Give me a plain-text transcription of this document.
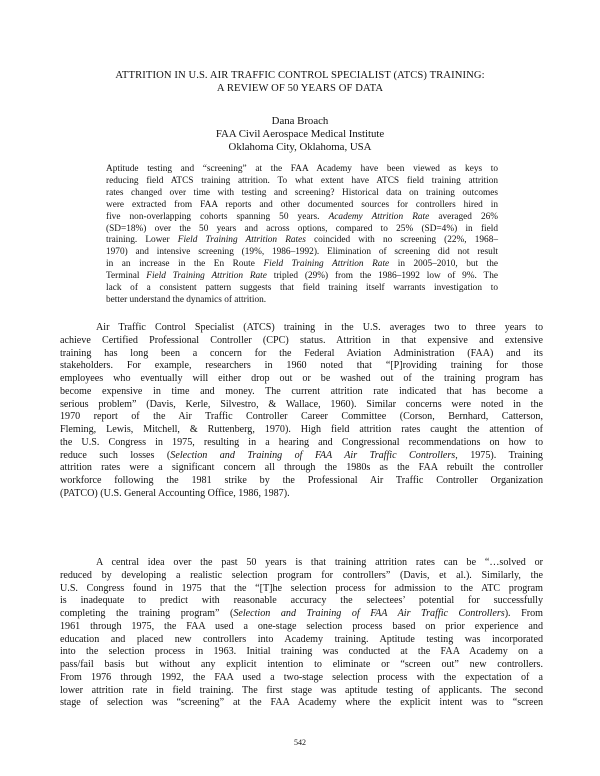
ATTRITION IN U.S. AIR TRAFFIC CONTROL SPECIALIST (ATCS) TRAINING:
A REVIEW OF 50 YEARS OF DATA
Dana Broach
FAA Civil Aerospace Medical Institute
Oklahoma City, Oklahoma, USA
Aptitude testing and “screening” at the FAA Academy have been viewed as keys to
reducing field ATCS training attrition. To what extent have ATCS field training attrition
rates changed over time with testing and screening? Historical data on training outcomes
were extracted from FAA reports and other documented sources for controllers hired in
five non-overlapping cohorts spanning 50 years. Academy Attrition Rate averaged 26%
(SD=18%) over the 50 years and across options, compared to 25% (SD=4%) in field
training. Lower Field Training Attrition Rates coincided with no screening (22%, 1968–
1970) and intensive screening (19%, 1986–1992). Elimination of screening did not result
in an increase in the En Route Field Training Attrition Rate in 2005–2010, but the
Terminal Field Training Attrition Rate tripled (29%) from the 1986–1992 low of 9%. The
lack of a consistent pattern suggests that field training itself warrants investigation to
better understand the dynamics of attrition.
Air Traffic Control Specialist (ATCS) training in the U.S. averages two to three years to
achieve Certified Professional Controller (CPC) status. Attrition in that expensive and extensive
training has long been a concern for the Federal Aviation Administration (FAA) and its
stakeholders. For example, researchers in 1960 noted that “[P]roviding training for those
employees who eventually will either drop out or be washed out of the training program has
become expensive in time and money. The current attrition rate indicated that has become a
serious problem” (Davis, Kerle, Silvestro, & Wallace, 1960). Similar concerns were noted in the
1970 report of the Air Traffic Controller Career Committee (Corson, Bernhard, Catterson,
Fleming, Lewis, Mitchell, & Ruttenberg, 1970). High field attrition rates caught the attention of
the U.S. Congress in 1975, resulting in a hearing and Congressional recommendations on how to
reduce such losses (Selection and Training of FAA Air Traffic Controllers, 1975). Training
attrition rates were a significant concern all through the 1980s as the FAA rebuilt the controller
workforce following the 1981 strike by the Professional Air Traffic Controller Organization
(PATCO) (U.S. General Accounting Office, 1986, 1987).
A central idea over the past 50 years is that training attrition rates can be “…solved or
reduced by developing a realistic selection program for controllers” (Davis, et al.). Similarly, the
U.S. Congress found in 1975 that the “[T]he selection process for admission to the ATC program
is inadequate to predict with reasonable accuracy the selectees’ potential for successfully
completing the training program” (Selection and Training of FAA Air Traffic Controllers). From
1961 through 1975, the FAA used a one-stage selection process based on prior experience and
education and placed new controllers into Academy training. Aptitude testing was incorporated
into the selection process in 1963. Initial training was conducted at the FAA Academy on a
pass/fail basis but without any explicit intention to eliminate or “screen out” new controllers.
From 1976 through 1992, the FAA used a two-stage selection process with the expectation of a
lower attrition rate in field training. The first stage was aptitude testing of applicants. The second
stage of selection was “screening” at the FAA Academy where the explicit intent was to “screen
542
